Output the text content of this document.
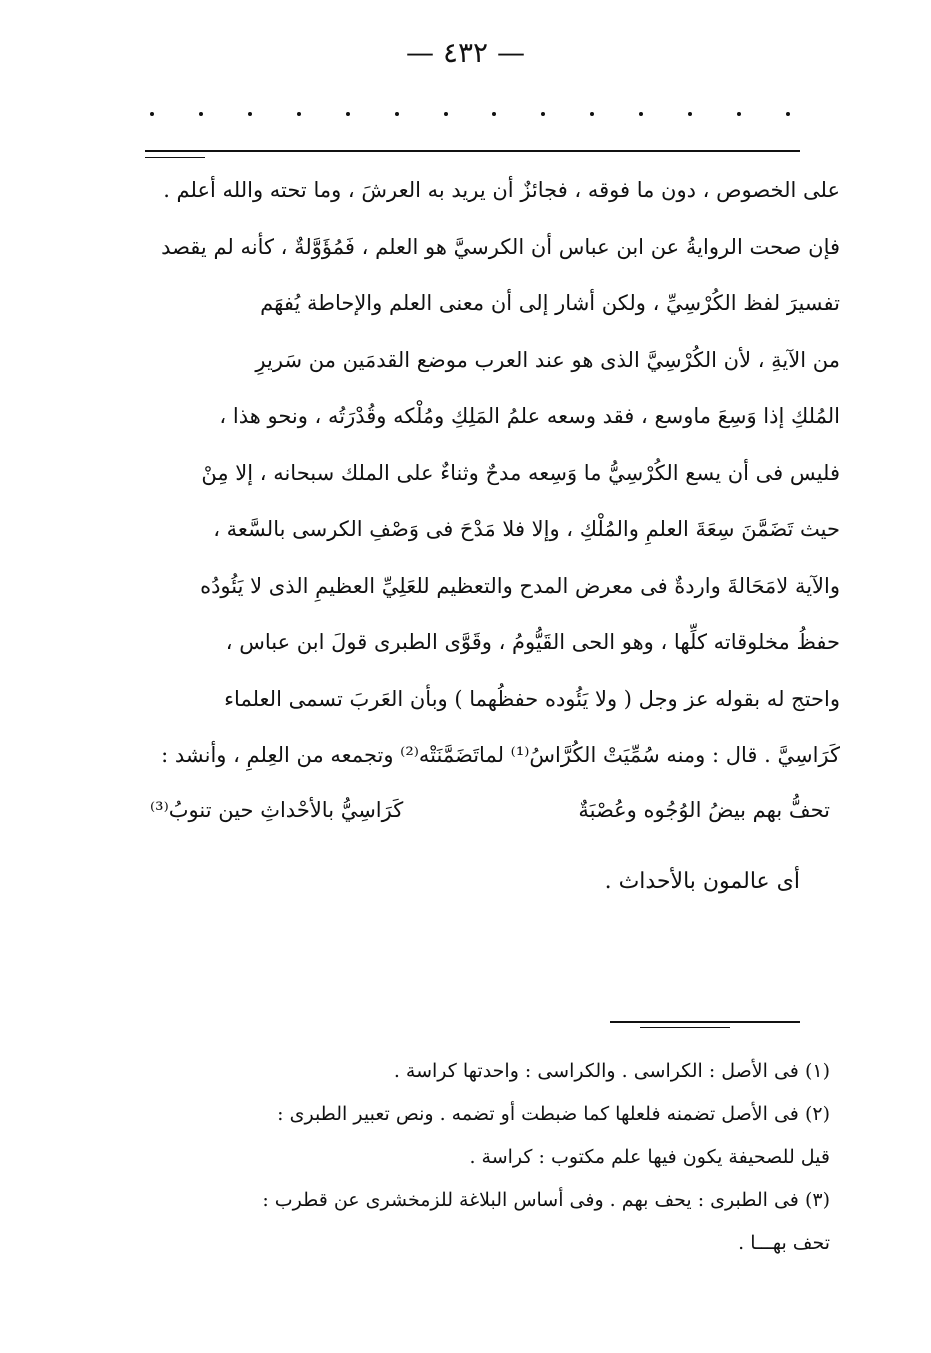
— ٤٣٢ —

على الخصوص ، دون ما فوقه ، فجائزٌ أن يريد به العرشَ ، وما تحته والله أعلم .

فإن صحت الروايةُ عن ابن عباس أن الكرسيَّ هو العلم ، فَمُؤَوَّلةٌ ، كأنه لم يقصد

تفسيرَ لفظ الكُرْسِيِّ ، ولكن أشار إلى أن معنى العلم والإحاطة يُفهَم

من الآيةِ ، لأن الكُرْسِيَّ الذى هو عند العرب موضع القدمَين من سَريرِ

المُلكِ إذا وَسِعَ ماوسع ، فقد وسعه علمُ المَلِكِ ومُلْكه وقُدْرَتُه ، ونحو هذا ،

فليس فى أن يسع الكُرْسِيُّ ما وَسِعه مدحٌ وثناءٌ على الملك سبحانه ، إلا مِنْ

حيث تَضَمَّنَ سِعَةَ العلمِ والمُلْكِ ، وإلا فلا مَدْحَ فى وَصْفِ الكرسى بالسَّعة ،

والآية لامَحَالةَ واردةٌ فى معرض المدح والتعظيم للعَلِيِّ العظيمِ الذى لا يَئُودُه

حفظُ مخلوقاته كلِّها ، وهو الحى القَيُّومُ ، وقَوَّى الطبرى قولَ ابن عباس ،

واحتج له بقوله عز وجل ( ولا يَئُوده حفظُهما ) وبأن العَربَ تسمى العلماء

كَرَاسِيَّ . قال : ومنه سُمِّيَتْ الكُرَّاسُ⁽¹⁾ لماتَضَمَّنَتْه⁽²⁾ وتجمعه من العِلمِ ، وأنشد :

تحفُّ بهم بيضُ الوُجُوه وعُصْبَةٌ
كَرَاسِيُّ بالأحْداثِ حين تنوبُ⁽³⁾
أى عالمون بالأحداث .

(١) فى الأصل : الكراسى . والكراسى : واحدتها كراسة .

(٢) فى الأصل تضمنه فلعلها كما ضبطت أو تضمه . ونص تعبير الطبرى :

قيل للصحيفة يكون فيها علم مكتوب : كراسة .

(٣) فى الطبرى : يحف بهم . وفى أساس البلاغة للزمخشرى عن قطرب :

تحف بهـــا .
